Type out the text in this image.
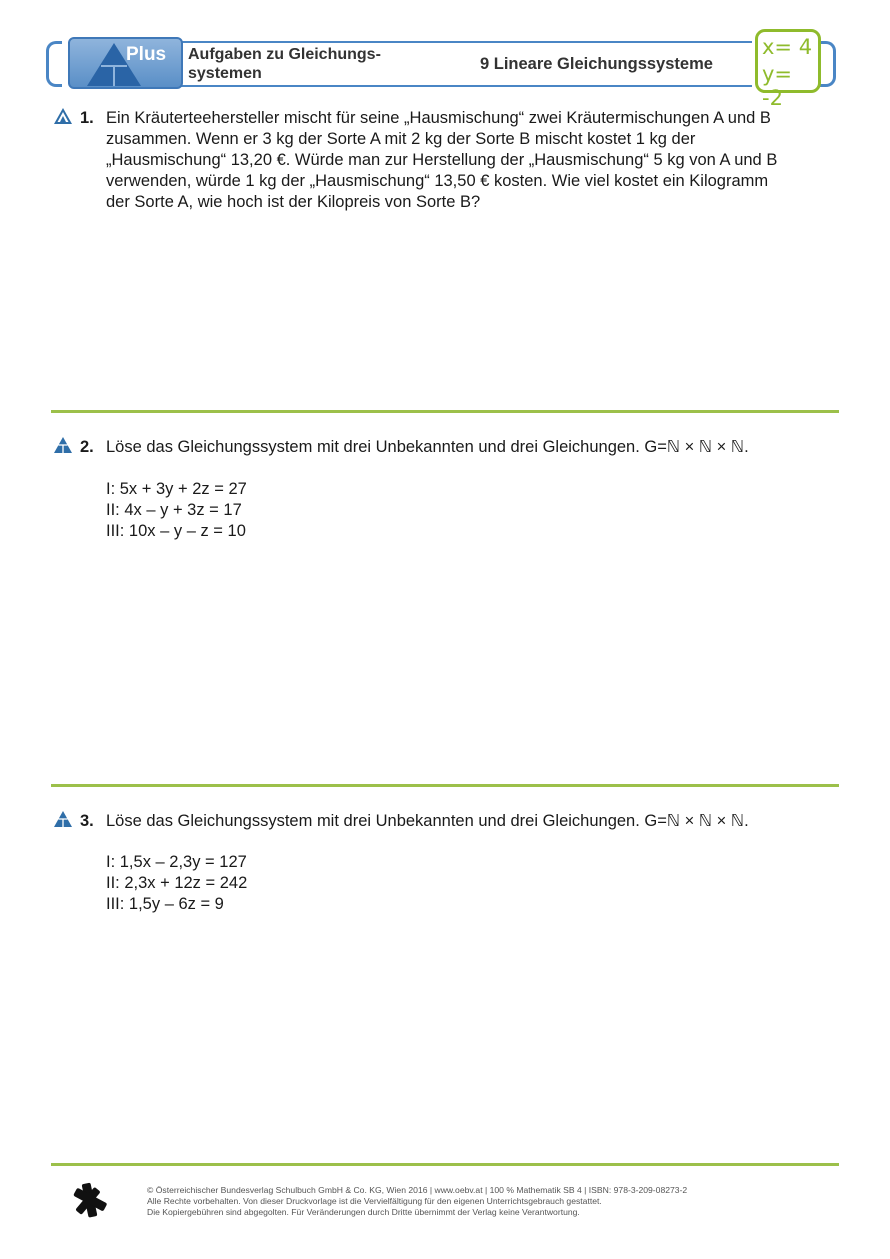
Plus Aufgaben zu Gleichungs-
systemen
9 Lineare Gleichungssysteme
x= 4
y= -2
1. Ein Kräuterteehersteller mischt für seine „Hausmischung“ zwei Kräutermischungen A und B
zusammen. Wenn er 3 kg der Sorte A mit 2 kg der Sorte B mischt kostet 1 kg der
„Hausmischung“ 13,20 €. Würde man zur Herstellung der „Hausmischung“ 5 kg von A und B
verwenden, würde 1 kg der „Hausmischung“ 13,50 € kosten. Wie viel kostet ein Kilogramm
der Sorte A, wie hoch ist der Kilopreis von Sorte B?
2. Löse das Gleichungssystem mit drei Unbekannten und drei Gleichungen. G=ℕ × ℕ × ℕ.

I: 5x + 3y + 2z = 27
II: 4x – y + 3z = 17
III: 10x – y – z = 10
3. Löse das Gleichungssystem mit drei Unbekannten und drei Gleichungen. G=ℕ × ℕ × ℕ.

I: 1,5x – 2,3y = 127
II: 2,3x + 12z = 242
III: 1,5y – 6z = 9
© Österreichischer Bundesverlag Schulbuch GmbH & Co. KG, Wien 2016 | www.oebv.at | 100 % Mathematik SB 4 | ISBN: 978-3-209-08273-2
Alle Rechte vorbehalten. Von dieser Druckvorlage ist die Vervielfältigung für den eigenen Unterrichtsgebrauch gestattet.
Die Kopiergebühren sind abgegolten. Für Veränderungen durch Dritte übernimmt der Verlag keine Verantwortung.
